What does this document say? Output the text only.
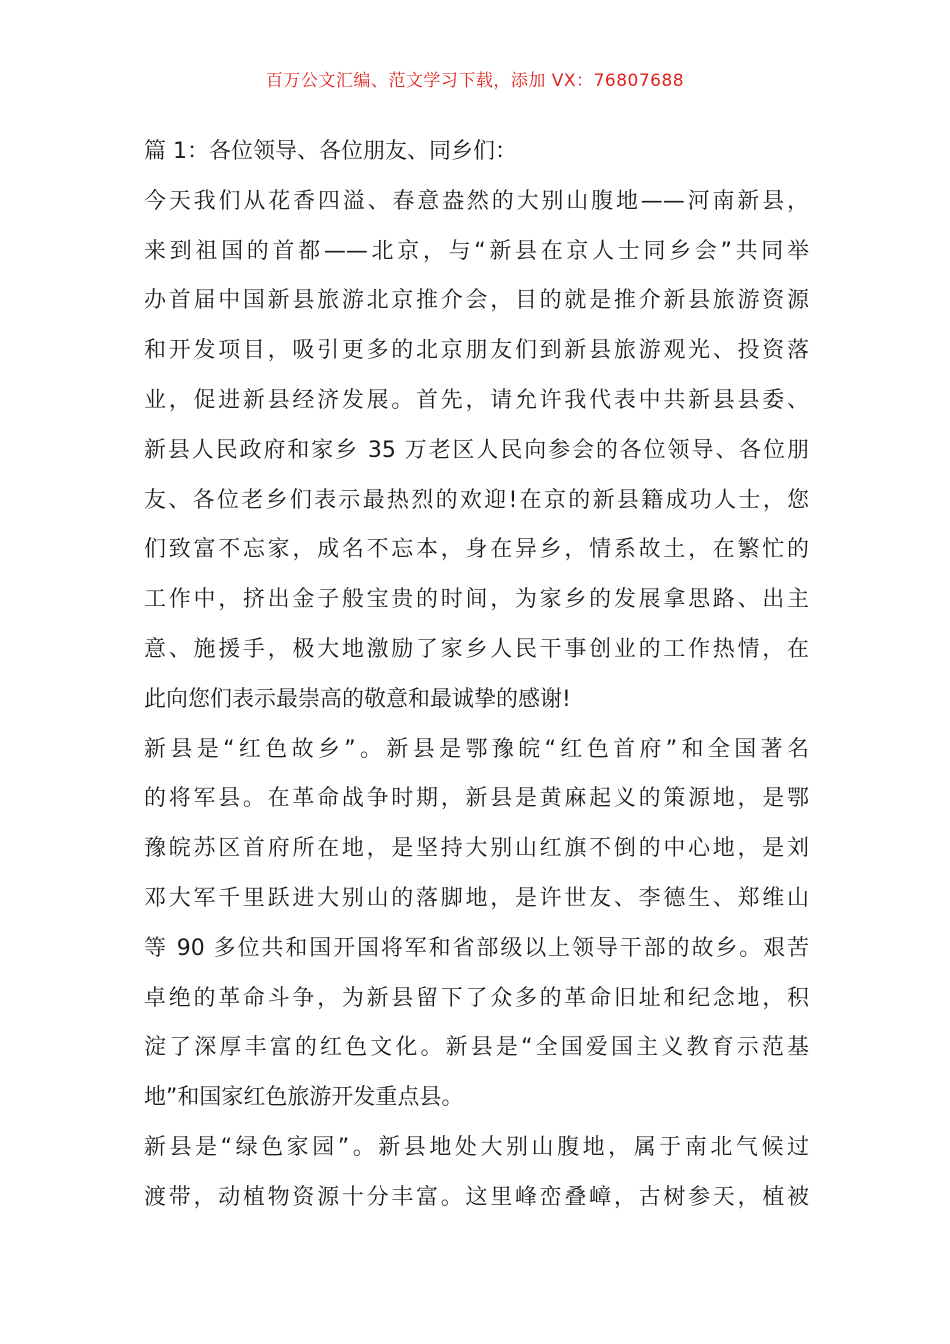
百万公文汇编、范文学习下载，添加 VX：76807688
篇 1：各位领导、各位朋友、同乡们：
今天我们从花香四溢、春意盎然的大别山腹地——河南新县，
来到祖国的首都——北京，与“新县在京人士同乡会”共同举
办首届中国新县旅游北京推介会，目的就是推介新县旅游资源
和开发项目，吸引更多的北京朋友们到新县旅游观光、投资落
业，促进新县经济发展。首先，请允许我代表中共新县县委、
新县人民政府和家乡 35 万老区人民向参会的各位领导、各位朋
友、各位老乡们表示最热烈的欢迎!在京的新县籍成功人士，您
们致富不忘家，成名不忘本，身在异乡，情系故土，在繁忙的
工作中，挤出金子般宝贵的时间，为家乡的发展拿思路、出主
意、施援手，极大地激励了家乡人民干事创业的工作热情，在
此向您们表示最崇高的敬意和最诚挚的感谢!
新县是“红色故乡”。新县是鄂豫皖“红色首府”和全国著名
的将军县。在革命战争时期，新县是黄麻起义的策源地，是鄂
豫皖苏区首府所在地，是坚持大别山红旗不倒的中心地，是刘
邓大军千里跃进大别山的落脚地，是许世友、李德生、郑维山
等 90 多位共和国开国将军和省部级以上领导干部的故乡。艰苦
卓绝的革命斗争，为新县留下了众多的革命旧址和纪念地，积
淀了深厚丰富的红色文化。新县是“全国爱国主义教育示范基
地”和国家红色旅游开发重点县。
新县是“绿色家园”。新县地处大别山腹地，属于南北气候过
渡带，动植物资源十分丰富。这里峰峦叠嶂，古树参天，植被
